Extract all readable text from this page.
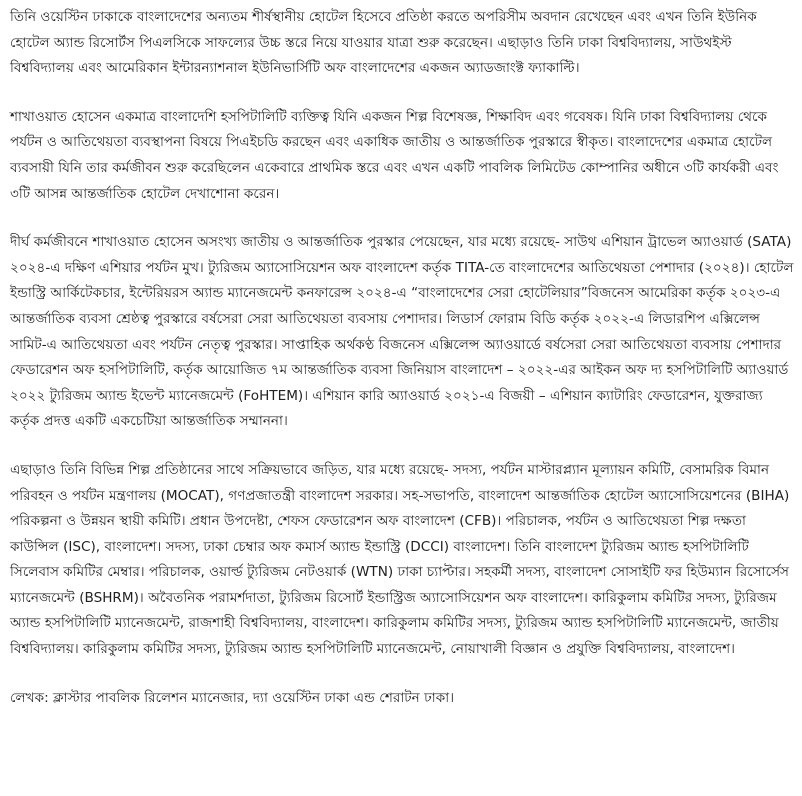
তিনি ওয়েস্টিন ঢাকাকে বাংলাদেশের অন্যতম শীর্ষস্থানীয় হোটেল হিসেবে প্রতিষ্ঠা করতে অপরিসীম অবদান রেখেছেন এবং এখন তিনি ইউনিক হোটেল অ্যান্ড রিসোর্টস পিএলসিকে সাফল্যের উচ্চ স্তরে নিয়ে যাওয়ার যাত্রা শুরু করেছেন। এছাড়াও তিনি ঢাকা বিশ্ববিদ্যালয়, সাউথইস্ট বিশ্ববিদ্যালয় এবং আমেরিকান ইন্টারন্যাশনাল ইউনিভার্সিটি অফ বাংলাদেশের একজন অ্যাডজাংক্ট ফ্যাকাল্টি।

শাখাওয়াত হোসেন একমাত্র বাংলাদেশি হসপিটালিটি ব্যক্তিত্ব যিনি একজন শিল্প বিশেষজ্ঞ, শিক্ষাবিদ এবং গবেষক। যিনি ঢাকা বিশ্ববিদ্যালয় থেকে পর্যটন ও আতিথেয়তা ব্যবস্থাপনা বিষয়ে পিএইচডি করছেন এবং একাধিক জাতীয় ও আন্তর্জাতিক পুরস্কারে স্বীকৃত। বাংলাদেশের একমাত্র হোটেল ব্যবসায়ী যিনি তার কর্মজীবন শুরু করেছিলেন একেবারে প্রাথমিক স্তরে এবং এখন একটি পাবলিক লিমিটেড কোম্পানির অধীনে ৩টি কার্যকরী এবং ৩টি আসন্ন আন্তর্জাতিক হোটেল দেখাশোনা করেন।

দীর্ঘ কর্মজীবনে শাখাওয়াত হোসেন অসংখ্য জাতীয় ও আন্তর্জাতিক পুরস্কার পেয়েছেন, যার মধ্যে রয়েছে- সাউথ এশিয়ান ট্রাভেল অ্যাওয়ার্ড (SATA) ২০২৪-এ দক্ষিণ এশিয়ার পর্যটন মুখ। ট্যুরিজম অ্যাসোসিয়েশন অফ বাংলাদেশ কর্তৃক TITA-তে বাংলাদেশের আতিথেয়তা পেশাদার (২০২৪)। হোটেল ইন্ডাস্ট্রি আর্কিটেকচার, ইন্টেরিয়রস অ্যান্ড ম্যানেজমেন্ট কনফারেন্স ২০২৪-এ “বাংলাদেশের সেরা হোটেলিয়ার”বিজনেস আমেরিকা কর্তৃক ২০২৩-এ আন্তর্জাতিক ব্যবসা শ্রেষ্ঠত্ব পুরস্কারে বর্ষসেরা সেরা আতিথেয়তা ব্যবসায় পেশাদার। লিডার্স ফোরাম বিডি কর্তৃক ২০২২-এ লিডারশিপ এক্সিলেন্স সামিট-এ আতিথেয়তা এবং পর্যটন নেতৃত্ব পুরস্কার। সাপ্তাহিক অর্থকণ্ঠ বিজনেস এক্সিলেন্স অ্যাওয়ার্ডে বর্ষসেরা সেরা আতিথেয়তা ব্যবসায় পেশাদার ফেডারেশন অফ হসপিটালিটি, কর্তৃক আয়োজিত ৭ম আন্তর্জাতিক ব্যবসা জিনিয়াস বাংলাদেশ – ২০২২-এর আইকন অফ দ্য হসপিটালিটি অ্যাওয়ার্ড ২০২২ ট্যুরিজম অ্যান্ড ইভেন্ট ম্যানেজমেন্ট (FoHTEM)। এশিয়ান কারি অ্যাওয়ার্ড ২০২১-এ বিজয়ী – এশিয়ান ক্যাটারিং ফেডারেশন, যুক্তরাজ্য কর্তৃক প্রদত্ত একটি একচেটিয়া আন্তর্জাতিক সম্মাননা।

এছাড়াও তিনি বিভিন্ন শিল্প প্রতিষ্ঠানের সাথে সক্রিয়ভাবে জড়িত, যার মধ্যে রয়েছে- সদস্য, পর্যটন মাস্টারপ্ল্যান মূল্যায়ন কমিটি, বেসামরিক বিমান পরিবহন ও পর্যটন মন্ত্রণালয় (MOCAT), গণপ্রজাতন্ত্রী বাংলাদেশ সরকার। সহ-সভাপতি, বাংলাদেশ আন্তর্জাতিক হোটেল অ্যাসোসিয়েশনের (BIHA) পরিকল্পনা ও উন্নয়ন স্থায়ী কমিটি। প্রধান উপদেষ্টা, শেফস ফেডারেশন অফ বাংলাদেশ (CFB)। পরিচালক, পর্যটন ও আতিথেয়তা শিল্প দক্ষতা কাউন্সিল (ISC), বাংলাদেশ। সদস্য, ঢাকা চেম্বার অফ কমার্স অ্যান্ড ইন্ডাস্ট্রি (DCCI) বাংলাদেশ। তিনি বাংলাদেশ ট্যুরিজম অ্যান্ড হসপিটালিটি সিলেবাস কমিটির মেম্বার। পরিচালক, ওয়ার্ল্ড ট্যুরিজম নেটওয়ার্ক (WTN) ঢাকা চ্যাপ্টার। সহকর্মী সদস্য, বাংলাদেশ সোসাইটি ফর হিউম্যান রিসোর্সেস ম্যানেজমেন্ট (BSHRM)। অবৈতনিক পরামর্শদাতা, ট্যুরিজম রিসোর্ট ইন্ডাস্ট্রিজ অ্যাসোসিয়েশন অফ বাংলাদেশ। কারিকুলাম কমিটির সদস্য, ট্যুরিজম অ্যান্ড হসপিটালিটি ম্যানেজমেন্ট, রাজশাহী বিশ্ববিদ্যালয়, বাংলাদেশ। কারিকুলাম কমিটির সদস্য, ট্যুরিজম অ্যান্ড হসপিটালিটি ম্যানেজমেন্ট, জাতীয় বিশ্ববিদ্যালয়। কারিকুলাম কমিটির সদস্য, ট্যুরিজম অ্যান্ড হসপিটালিটি ম্যানেজমেন্ট, নোয়াখালী বিজ্ঞান ও প্রযুক্তি বিশ্ববিদ্যালয়, বাংলাদেশ।

লেখক: ক্লাস্টার পাবলিক রিলেশন ম্যানেজার, দ্যা ওয়েস্টিন ঢাকা এন্ড শেরাটন ঢাকা।
